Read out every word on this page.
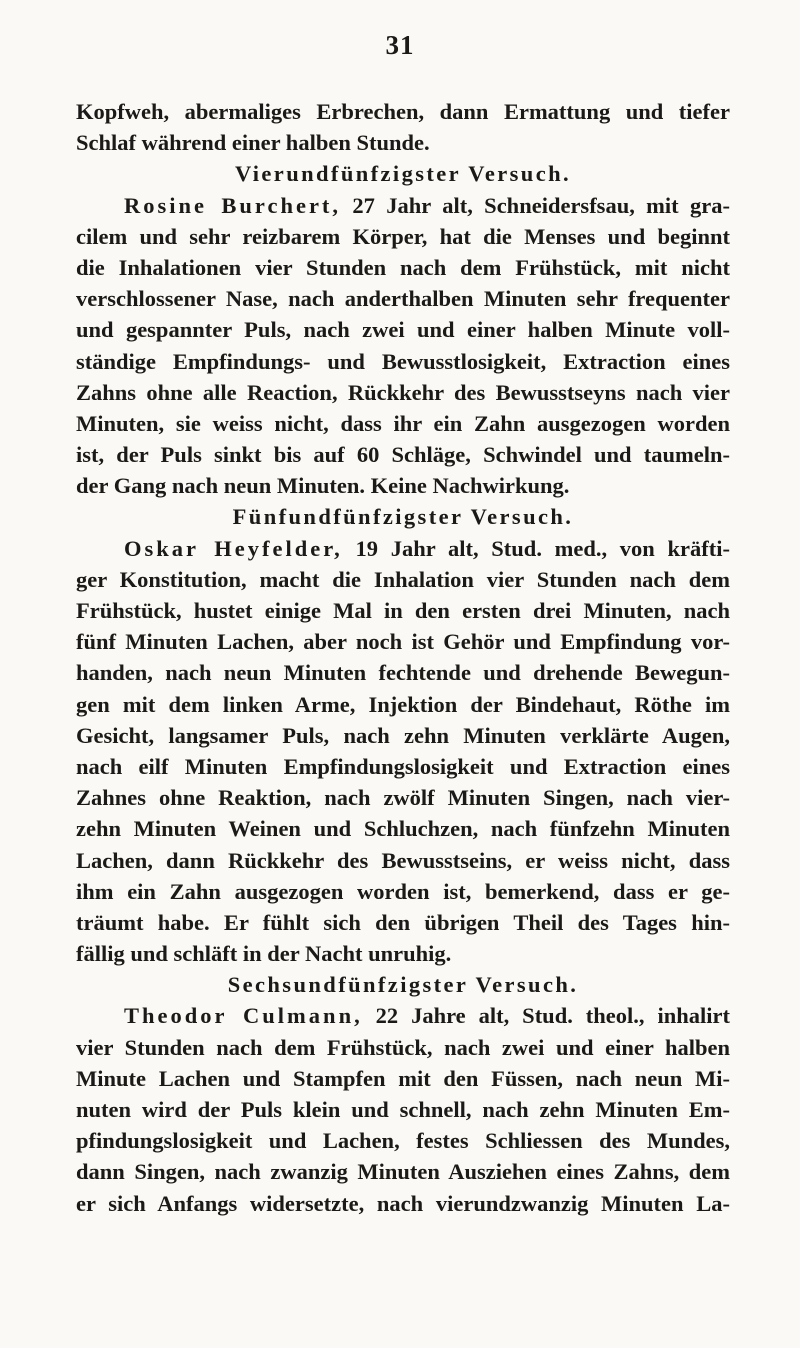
31
Kopfweh, abermaliges Erbrechen, dann Ermattung und tiefer
Schlaf während einer halben Stunde.
Vierundfünfzigster Versuch.
Rosine Burchert, 27 Jahr alt, Schneidersfsau, mit gra-
cilem und sehr reizbarem Körper, hat die Menses und beginnt
die Inhalationen vier Stunden nach dem Frühstück, mit nicht
verschlossener Nase, nach anderthalben Minuten sehr frequenter
und gespannter Puls, nach zwei und einer halben Minute voll-
ständige Empfindungs- und Bewusstlosigkeit, Extraction eines
Zahns ohne alle Reaction, Rückkehr des Bewusstseyns nach vier
Minuten, sie weiss nicht, dass ihr ein Zahn ausgezogen worden
ist, der Puls sinkt bis auf 60 Schläge, Schwindel und taumeln-
der Gang nach neun Minuten. Keine Nachwirkung.
Fünfundfünfzigster Versuch.
Oskar Heyfelder, 19 Jahr alt, Stud. med., von kräfti-
ger Konstitution, macht die Inhalation vier Stunden nach dem
Frühstück, hustet einige Mal in den ersten drei Minuten, nach
fünf Minuten Lachen, aber noch ist Gehör und Empfindung vor-
handen, nach neun Minuten fechtende und drehende Bewegun-
gen mit dem linken Arme, Injektion der Bindehaut, Röthe im
Gesicht, langsamer Puls, nach zehn Minuten verklärte Augen,
nach eilf Minuten Empfindungslosigkeit und Extraction eines
Zahnes ohne Reaktion, nach zwölf Minuten Singen, nach vier-
zehn Minuten Weinen und Schluchzen, nach fünfzehn Minuten
Lachen, dann Rückkehr des Bewusstseins, er weiss nicht, dass
ihm ein Zahn ausgezogen worden ist, bemerkend, dass er ge-
träumt habe. Er fühlt sich den übrigen Theil des Tages hin-
fällig und schläft in der Nacht unruhig.
Sechsundfünfzigster Versuch.
Theodor Culmann, 22 Jahre alt, Stud. theol., inhalirt
vier Stunden nach dem Frühstück, nach zwei und einer halben
Minute Lachen und Stampfen mit den Füssen, nach neun Mi-
nuten wird der Puls klein und schnell, nach zehn Minuten Em-
pfindungslosigkeit und Lachen, festes Schliessen des Mundes,
dann Singen, nach zwanzig Minuten Ausziehen eines Zahns, dem
er sich Anfangs widersetzte, nach vierundzwanzig Minuten La-
